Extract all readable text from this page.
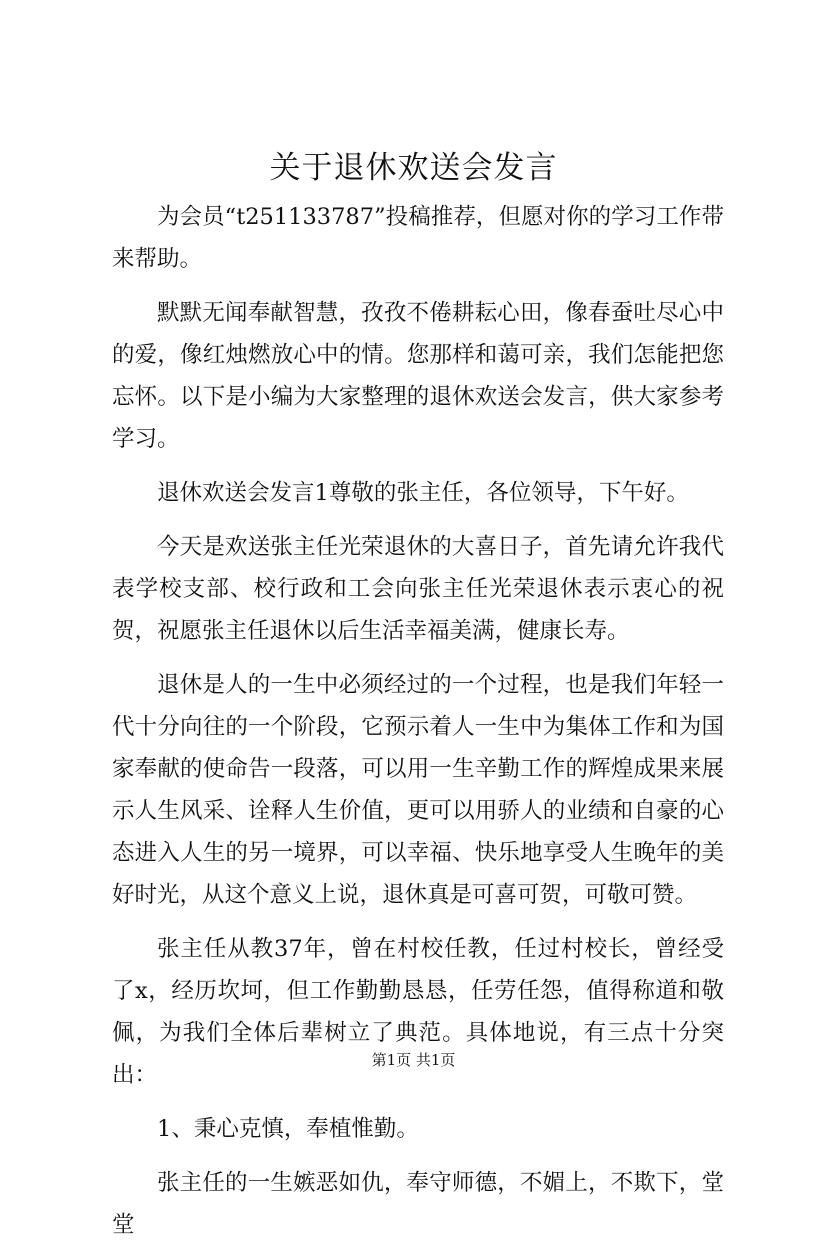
关于退休欢送会发言

为会员“t251133787”投稿推荐，但愿对你的学习工作带来帮助。

默默无闻奉献智慧，孜孜不倦耕耘心田，像春蚕吐尽心中的爱，像红烛燃放心中的情。您那样和蔼可亲，我们怎能把您忘怀。以下是小编为大家整理的退休欢送会发言，供大家参考学习。

退休欢送会发言1尊敬的张主任，各位领导，下午好。

今天是欢送张主任光荣退休的大喜日子，首先请允许我代表学校支部、校行政和工会向张主任光荣退休表示衷心的祝贺，祝愿张主任退休以后生活幸福美满，健康长寿。

退休是人的一生中必须经过的一个过程，也是我们年轻一代十分向往的一个阶段，它预示着人一生中为集体工作和为国家奉献的使命告一段落，可以用一生辛勤工作的辉煌成果来展示人生风采、诠释人生价值，更可以用骄人的业绩和自豪的心态进入人生的另一境界，可以幸福、快乐地享受人生晚年的美好时光，从这个意义上说，退休真是可喜可贺，可敬可赞。

张主任从教37年，曾在村校任教，任过村校长，曾经受了x，经历坎坷，但工作勤勤恳恳，任劳任怨，值得称道和敬佩，为我们全体后辈树立了典范。具体地说，有三点十分突出：

1、秉心克慎，奉植惟勤。

张主任的一生嫉恶如仇，奉守师德，不媚上，不欺下，堂堂

第1页 共1页
